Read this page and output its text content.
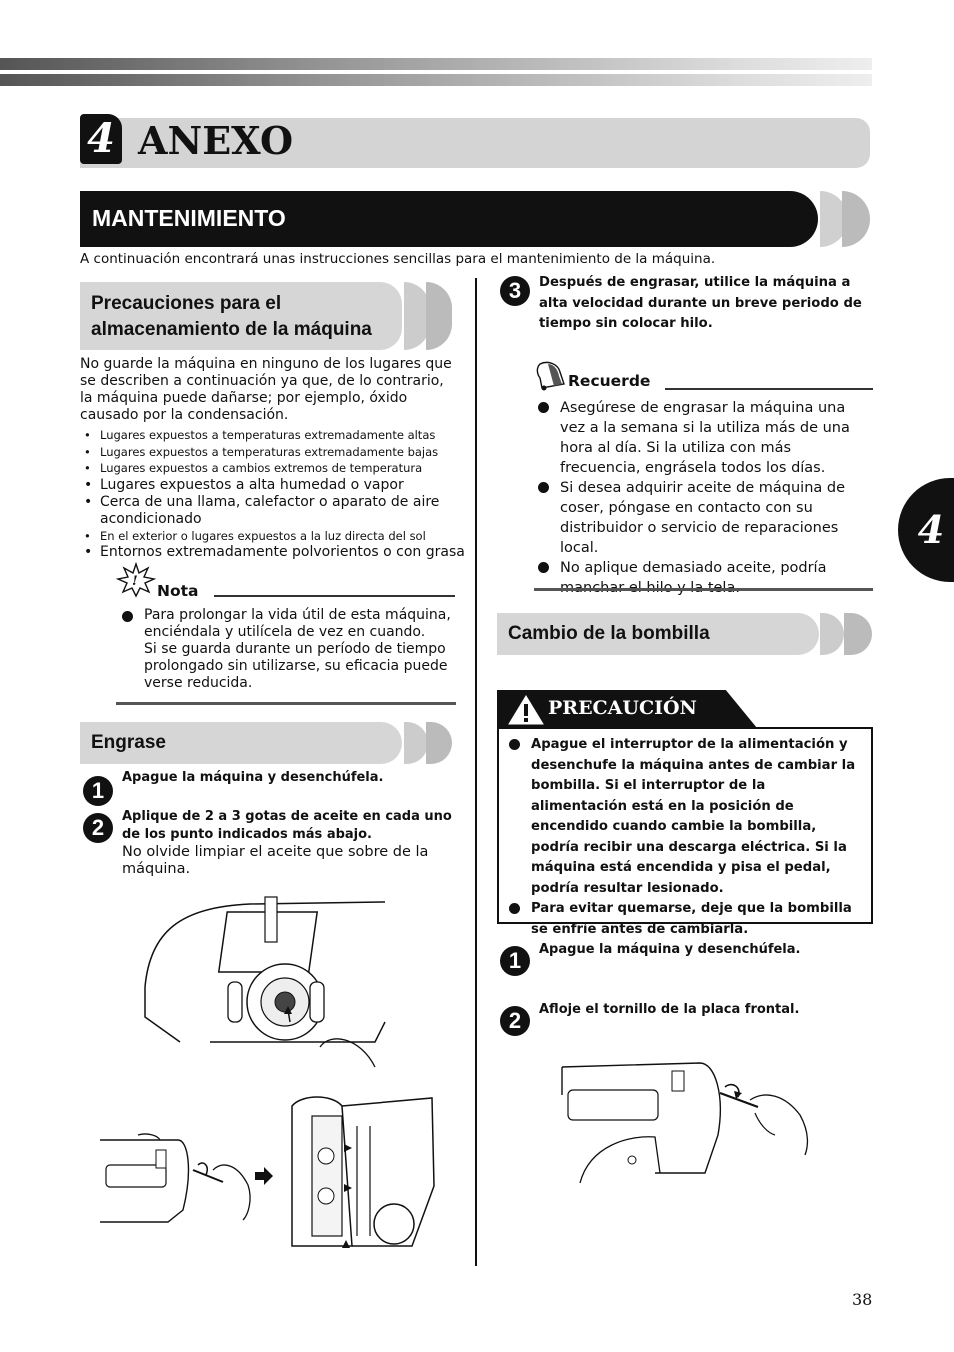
4 ANEXO
MANTENIMIENTO
A continuación encontrará unas instrucciones sencillas para el mantenimiento de la máquina.
Precauciones para el
almacenamiento de la máquina
No guarde la máquina en ninguno de los lugares que se describen a continuación ya que, de lo contrario, la máquina puede dañarse; por ejemplo, óxido causado por la condensación.
• Lugares expuestos a temperaturas extremadamente altas
• Lugares expuestos a temperaturas extremadamente bajas
• Lugares expuestos a cambios extremos de temperatura
• Lugares expuestos a alta humedad o vapor
• Cerca de una llama, calefactor o aparato de aire acondicionado
• En el exterior o lugares expuestos a la luz directa del sol
• Entornos extremadamente polvorientos o con grasa
!
Nota
Para prolongar la vida útil de esta máquina, enciéndala y utilícela de vez en cuando.
Si se guarda durante un período de tiempo prolongado sin utilizarse, su eficacia puede verse reducida.
Engrase
1
Apague la máquina y desenchúfela.
2	Aplique de 2 a 3 gotas de aceite en cada uno de los punto indicados más abajo.
No olvide limpiar el aceite que sobre de la máquina.
3	Después de engrasar, utilice la máquina a alta velocidad durante un breve periodo de tiempo sin colocar hilo.
Recuerde
Asegúrese de engrasar la máquina una vez a la semana si la utiliza más de una hora al día. Si la utiliza con más frecuencia, engrásela todos los días.
Si desea adquirir aceite de máquina de coser, póngase en contacto con su distribuidor o servicio de reparaciones local.
No aplique demasiado aceite, podría
Cambio de la bombilla
PRECAUCIÓN
Apague el interruptor de la alimentación y desenchufe la máquina antes de cambiar la bombilla. Si el interruptor de la alimentación está en la posición de encendido cuando cambie la bombilla, podría recibir una descarga eléctrica. Si la máquina está encendida y pisa el pedal, podría resultar lesionado.
Para evitar quemarse, deje que la bombilla se enfríe antes de cambiarla.
1	Apague la máquina y desenchúfela.
2	Afloje el tornillo de la placa frontal.
4
38
